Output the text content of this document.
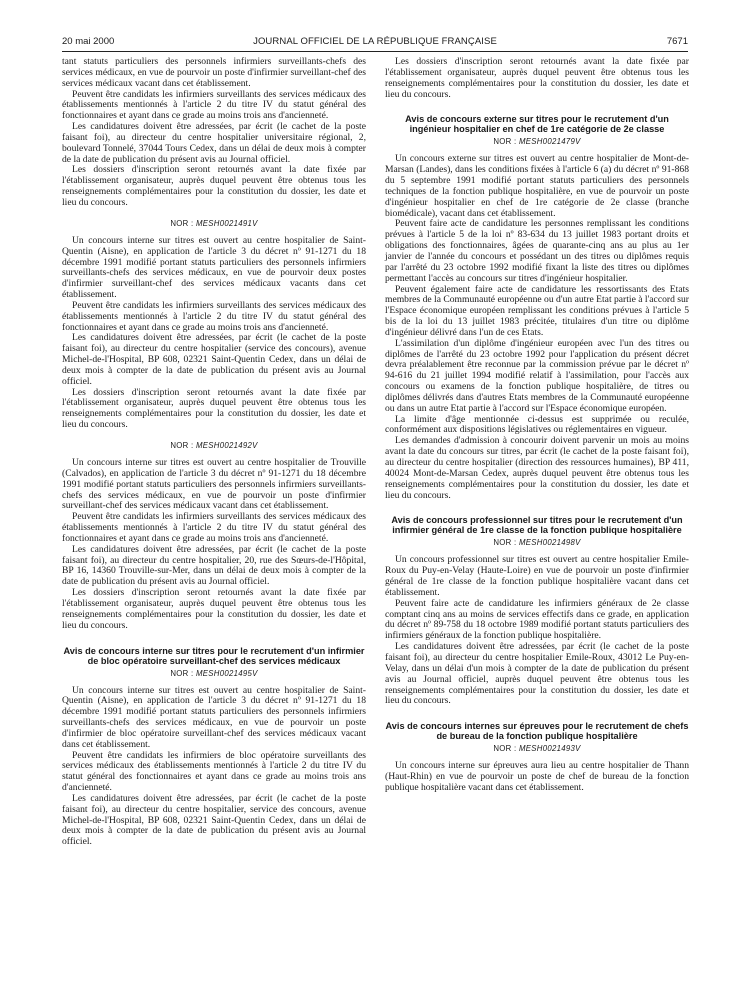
20 mai 2000	JOURNAL OFFICIEL DE LA RÉPUBLIQUE FRANÇAISE	7671

tant statuts particuliers des personnels infirmiers surveillants-chefs des services médicaux, en vue de pourvoir un poste d'infirmier surveillant-chef des services médicaux vacant dans cet établissement.

Peuvent être candidats les infirmiers surveillants des services médicaux des établissements mentionnés à l'article 2 du titre IV du statut général des fonctionnaires et ayant dans ce grade au moins trois ans d'ancienneté.

Les candidatures doivent être adressées, par écrit (le cachet de la poste faisant foi), au directeur du centre hospitalier universitaire régional, 2, boulevard Tonnelé, 37044 Tours Cedex, dans un délai de deux mois à compter de la date de publication du présent avis au Journal officiel.

Les dossiers d'inscription seront retournés avant la date fixée par l'établissement organisateur, auprès duquel peuvent être obtenus tous les renseignements complémentaires pour la constitution du dossier, les date et lieu du concours.

NOR : MESH0021491V

Un concours interne sur titres est ouvert au centre hospitalier de Saint-Quentin (Aisne), en application de l'article 3 du décret nº 91-1271 du 18 décembre 1991 modifié portant statuts particuliers des personnels infirmiers surveillants-chefs des services médicaux, en vue de pourvoir deux postes d'infirmier surveillant-chef des services médicaux vacants dans cet établissement.

Peuvent être candidats les infirmiers surveillants des services médicaux des établissements mentionnés à l'article 2 du titre IV du statut général des fonctionnaires et ayant dans ce grade au moins trois ans d'ancienneté.

Les candidatures doivent être adressées, par écrit (le cachet de la poste faisant foi), au directeur du centre hospitalier (service des concours), avenue Michel-de-l'Hospital, BP 608, 02321 Saint-Quentin Cedex, dans un délai de deux mois à compter de la date de publication du présent avis au Journal officiel.

Les dossiers d'inscription seront retournés avant la date fixée par l'établissement organisateur, auprès duquel peuvent être obtenus tous les renseignements complémentaires pour la constitution du dossier, les date et lieu du concours.

NOR : MESH0021492V

Un concours interne sur titres est ouvert au centre hospitalier de Trouville (Calvados), en application de l'article 3 du décret nº 91-1271 du 18 décembre 1991 modifié portant statuts particuliers des personnels infirmiers surveillants-chefs des services médicaux, en vue de pourvoir un poste d'infirmier surveillant-chef des services médicaux vacant dans cet établissement.

Peuvent être candidats les infirmiers surveillants des services médicaux des établissements mentionnés à l'article 2 du titre IV du statut général des fonctionnaires et ayant dans ce grade au moins trois ans d'ancienneté.

Les candidatures doivent être adressées, par écrit (le cachet de la poste faisant foi), au directeur du centre hospitalier, 20, rue des Sœurs-de-l'Hôpital, BP 16, 14360 Trouville-sur-Mer, dans un délai de deux mois à compter de la date de publication du présent avis au Journal officiel.

Les dossiers d'inscription seront retournés avant la date fixée par l'établissement organisateur, auprès duquel peuvent être obtenus tous les renseignements complémentaires pour la constitution du dossier, les date et lieu du concours.

Avis de concours interne sur titres pour le recrutement d'un infirmier de bloc opératoire surveillant-chef des services médicaux
NOR : MESH0021495V

Un concours interne sur titres est ouvert au centre hospitalier de Saint-Quentin (Aisne), en application de l'article 3 du décret nº 91-1271 du 18 décembre 1991 modifié portant statuts particuliers des personnels infirmiers surveillants-chefs des services médicaux, en vue de pourvoir un poste d'infirmier de bloc opératoire surveillant-chef des services médicaux vacant dans cet établissement.

Peuvent être candidats les infirmiers de bloc opératoire surveillants des services médicaux des établissements mentionnés à l'article 2 du titre IV du statut général des fonctionnaires et ayant dans ce grade au moins trois ans d'ancienneté.

Les candidatures doivent être adressées, par écrit (le cachet de la poste faisant foi), au directeur du centre hospitalier, service des concours, avenue Michel-de-l'Hospital, BP 608, 02321 Saint-Quentin Cedex, dans un délai de deux mois à compter de la date de publication du présent avis au Journal officiel.

Les dossiers d'inscription seront retournés avant la date fixée par l'établissement organisateur, auprès duquel peuvent être obtenus tous les renseignements complémentaires pour la constitution du dossier, les date et lieu du concours.

Avis de concours externe sur titres pour le recrutement d'un ingénieur hospitalier en chef de 1re catégorie de 2e classe
NOR : MESH0021479V

Un concours externe sur titres est ouvert au centre hospitalier de Mont-de-Marsan (Landes), dans les conditions fixées à l'article 6 (a) du décret nº 91-868 du 5 septembre 1991 modifié portant statuts particuliers des personnels techniques de la fonction publique hospitalière, en vue de pourvoir un poste d'ingénieur hospitalier en chef de 1re catégorie de 2e classe (branche biomédicale), vacant dans cet établissement.

Peuvent faire acte de candidature les personnes remplissant les conditions prévues à l'article 5 de la loi nº 83-634 du 13 juillet 1983 portant droits et obligations des fonctionnaires, âgées de quarante-cinq ans au plus au 1er janvier de l'année du concours et possédant un des titres ou diplômes requis par l'arrêté du 23 octobre 1992 modifié fixant la liste des titres ou diplômes permettant l'accès au concours sur titres d'ingénieur hospitalier.

Peuvent également faire acte de candidature les ressortissants des Etats membres de la Communauté européenne ou d'un autre Etat partie à l'accord sur l'Espace économique européen remplissant les conditions prévues à l'article 5 bis de la loi du 13 juillet 1983 précitée, titulaires d'un titre ou diplôme d'ingénieur délivré dans l'un de ces Etats.

L'assimilation d'un diplôme d'ingénieur européen avec l'un des titres ou diplômes de l'arrêté du 23 octobre 1992 pour l'application du présent décret devra préalablement être reconnue par la commission prévue par le décret nº 94-616 du 21 juillet 1994 modifié relatif à l'assimilation, pour l'accès aux concours ou examens de la fonction publique hospitalière, de titres ou diplômes délivrés dans d'autres Etats membres de la Communauté européenne ou dans un autre Etat partie à l'accord sur l'Espace économique européen.

La limite d'âge mentionnée ci-dessus est supprimée ou reculée, conformément aux dispositions législatives ou réglementaires en vigueur.

Les demandes d'admission à concourir doivent parvenir un mois au moins avant la date du concours sur titres, par écrit (le cachet de la poste faisant foi), au directeur du centre hospitalier (direction des ressources humaines), BP 411, 40024 Mont-de-Marsan Cedex, auprès duquel peuvent être obtenus tous les renseignements complémentaires pour la constitution du dossier, les date et lieu du concours.

Avis de concours professionnel sur titres pour le recrutement d'un infirmier général de 1re classe de la fonction publique hospitalière
NOR : MESH0021498V

Un concours professionnel sur titres est ouvert au centre hospitalier Emile-Roux du Puy-en-Velay (Haute-Loire) en vue de pourvoir un poste d'infirmier général de 1re classe de la fonction publique hospitalière vacant dans cet établissement.

Peuvent faire acte de candidature les infirmiers généraux de 2e classe comptant cinq ans au moins de services effectifs dans ce grade, en application du décret nº 89-758 du 18 octobre 1989 modifié portant statuts particuliers des infirmiers généraux de la fonction publique hospitalière.

Les candidatures doivent être adressées, par écrit (le cachet de la poste faisant foi), au directeur du centre hospitalier Emile-Roux, 43012 Le Puy-en-Velay, dans un délai d'un mois à compter de la date de publication du présent avis au Journal officiel, auprès duquel peuvent être obtenus tous les renseignements complémentaires pour la constitution du dossier, les date et lieu du concours.

Avis de concours internes sur épreuves pour le recrutement de chefs de bureau de la fonction publique hospitalière
NOR : MESH0021493V

Un concours interne sur épreuves aura lieu au centre hospitalier de Thann (Haut-Rhin) en vue de pourvoir un poste de chef de bureau de la fonction publique hospitalière vacant dans cet établissement.
